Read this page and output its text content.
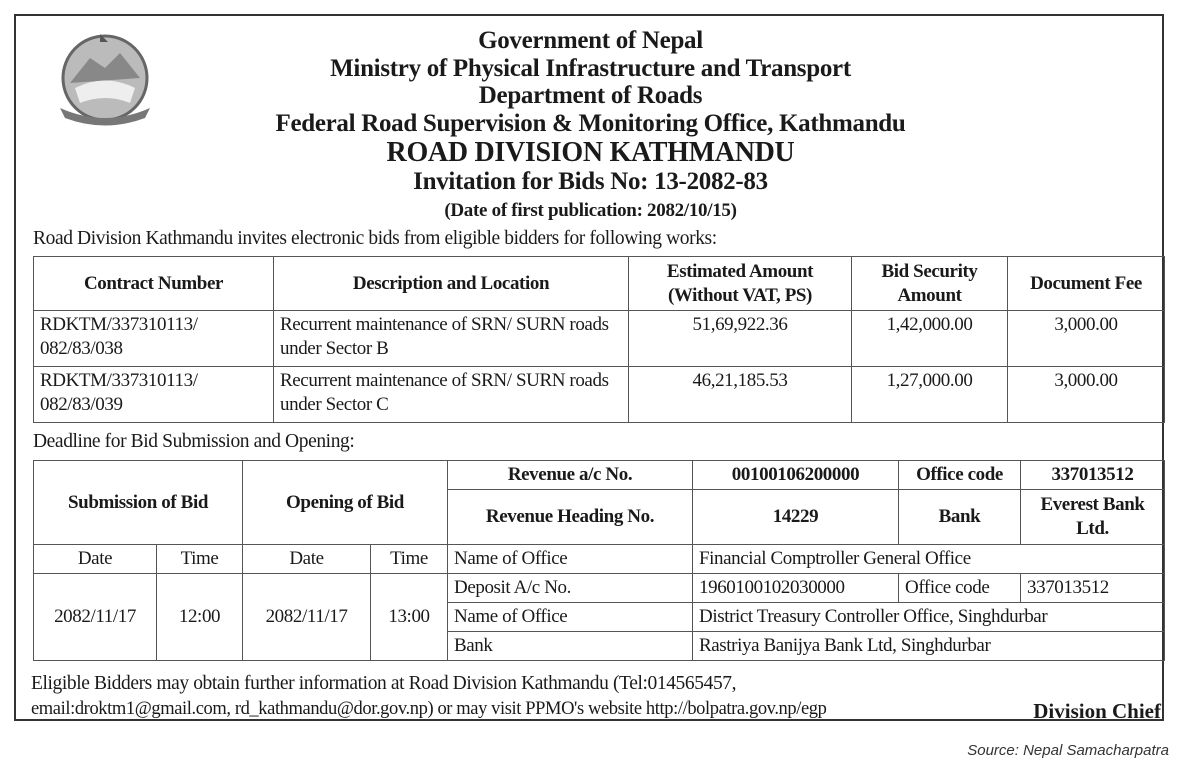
Government of Nepal
Ministry of Physical Infrastructure and Transport
Department of Roads
Federal Road Supervision & Monitoring Office, Kathmandu
ROAD DIVISION KATHMANDU
Invitation for Bids No: 13-2082-83
(Date of first publication: 2082/10/15)
Road Division Kathmandu invites electronic bids from eligible bidders for following works:
Contract Number	Description and Location	Estimated Amount (Without VAT, PS)	Bid Security Amount	Document Fee
RDKTM/337310113/ 082/83/038	Recurrent maintenance of SRN/ SURN roads under Sector B	51,69,922.36	1,42,000.00	3,000.00
RDKTM/337310113/ 082/83/039	Recurrent maintenance of SRN/ SURN roads under Sector C	46,21,185.53	1,27,000.00	3,000.00
Deadline for Bid Submission and Opening:
Submission of Bid		Opening of Bid		Revenue a/c No.	00100106200000	Office code	337013512
				Revenue Heading No.	14229	Bank	Everest Bank Ltd.
Date	Time	Date	Time	Name of Office	Financial Comptroller General Office		
2082/11/17	12:00	2082/11/17	13:00	Deposit A/c No.	1960100102030000	Office code	337013512
				Name of Office	District Treasury Controller Office, Singhdurbar		
				Bank	Rastriya Banijya Bank Ltd, Singhdurbar		
Eligible Bidders may obtain further information at Road Division Kathmandu (Tel:014565457,
email:droktm1@gmail.com, rd_kathmandu@dor.gov.np) or may visit PPMO's website http://bolpatra.gov.np/egp	Division Chief
Source: Nepal Samacharpatra
